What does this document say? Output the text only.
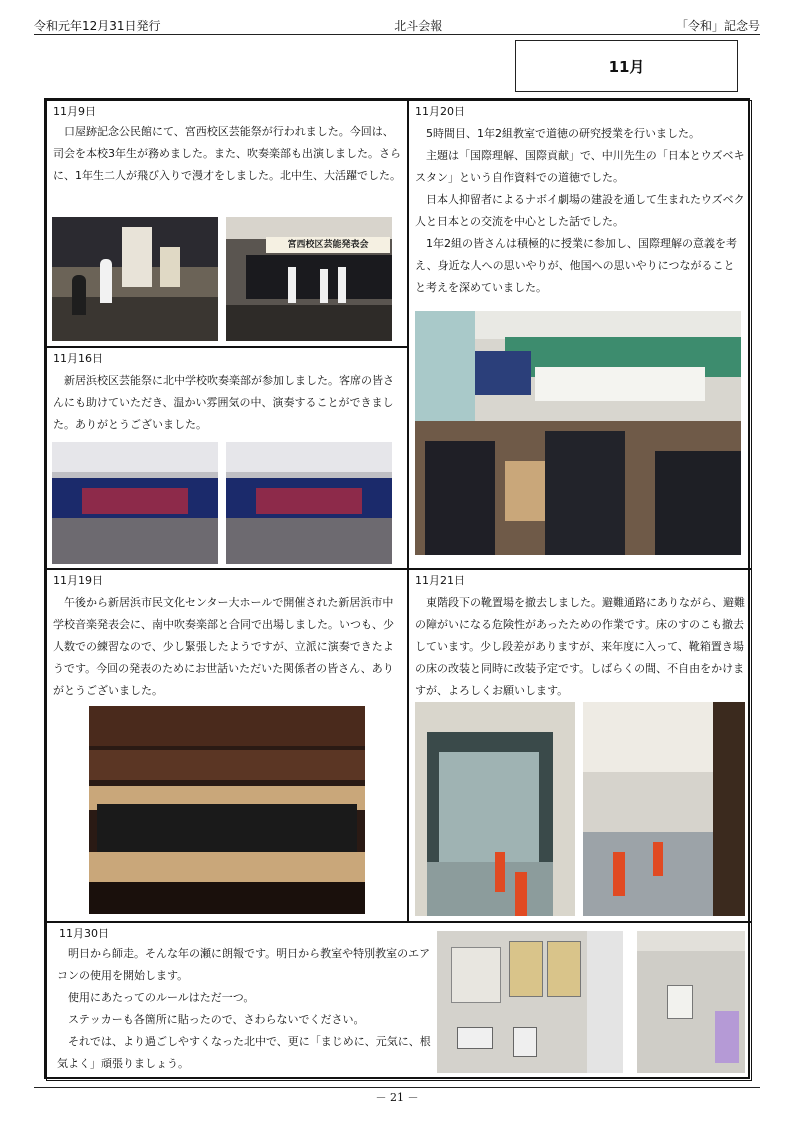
令和元年12月31日発行	北斗会報	「令和」記念号
11月
11月9日
口屋跡記念公民館にて、宮西校区芸能祭が行われました。今回は、司会を本校3年生が務めました。また、吹奏楽部も出演しました。さらに、1年生二人が飛び入りで漫才をしました。北中生、大活躍でした。
宮西校区芸能発表会
11月16日
新居浜校区芸能祭に北中学校吹奏楽部が参加しました。客席の皆さんにも助けていただき、温かい雰囲気の中、演奏することができました。ありがとうございました。
11月19日
午後から新居浜市民文化センター大ホールで開催された新居浜市中学校音楽発表会に、南中吹奏楽部と合同で出場しました。いつも、少人数での練習なので、少し緊張したようですが、立派に演奏できたようです。今回の発表のためにお世話いただいた関係者の皆さん、ありがとうございました。
11月20日

5時間目、1年2組教室で道徳の研究授業を行いました。

主題は「国際理解、国際貢献」で、中川先生の「日本とウズベキスタン」という自作資料での道徳でした。

日本人抑留者によるナボイ劇場の建設を通して生まれたウズベク人と日本との交流を中心とした話でした。

1年2組の皆さんは積極的に授業に参加し、国際理解の意義を考え、身近な人への思いやりが、他国への思いやりにつながることと考えを深めていました。

11月21日
東階段下の靴置場を撤去しました。避難通路にありながら、避難の障がいになる危険性があったための作業です。床のすのこも撤去しています。少し段差がありますが、来年度に入って、靴箱置き場の床の改装と同時に改装予定です。しばらくの間、不自由をかけますが、よろしくお願いします。
11月30日

明日から師走。そんな年の瀬に朗報です。明日から教室や特別教室のエアコンの使用を開始します。

使用にあたってのルールはただ一つ。

ステッカーも各箇所に貼ったので、さわらないでください。

それでは、より過ごしやすくなった北中で、更に「まじめに、元気に、根気よく」頑張りましょう。

－ 21 －
